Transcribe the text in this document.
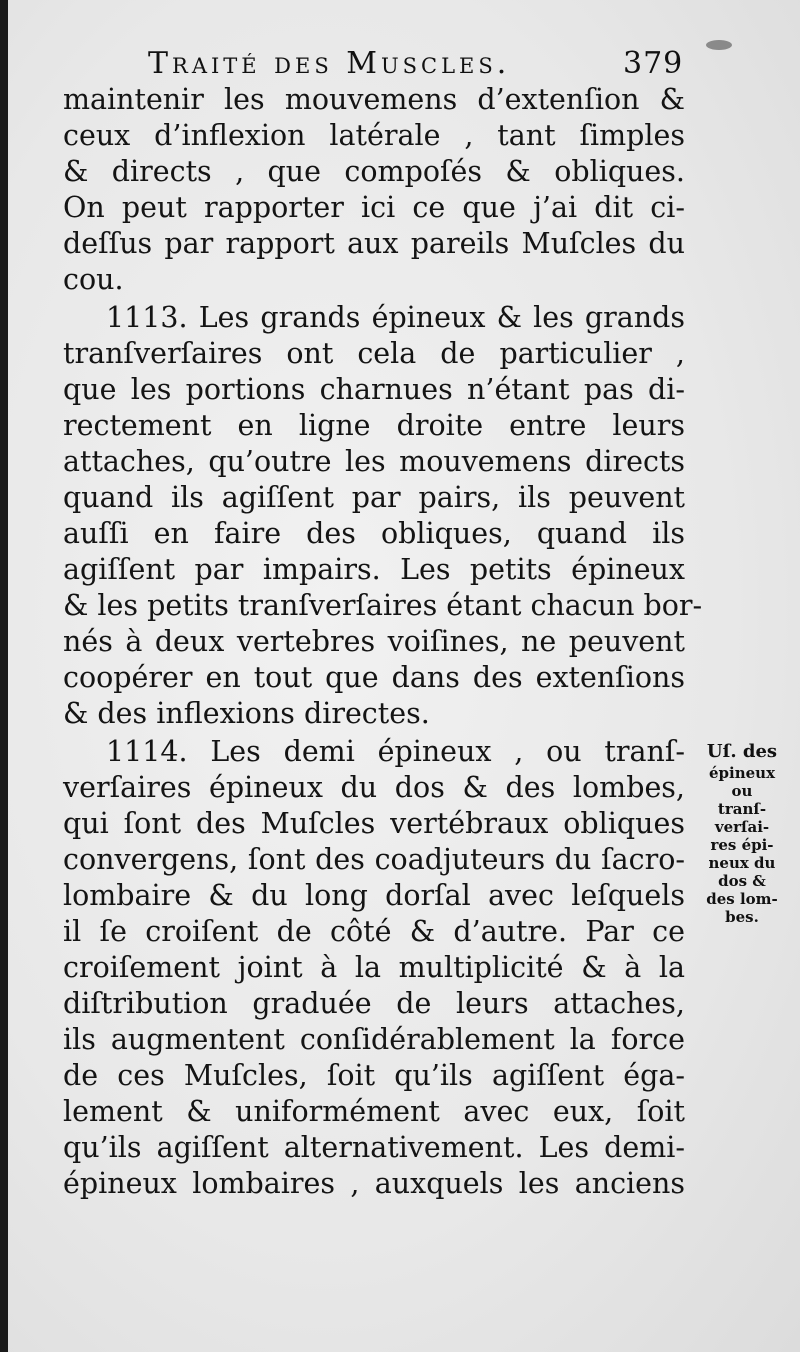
Traité des Muscles.	379
maintenir les mouvemens d’extenſion &
ceux d’inflexion latérale , tant ſimples
& directs , que compoſés & obliques.
On peut rapporter ici ce que j’ai dit ci-
deſſus par rapport aux pareils Muſcles du
cou.
1113. Les grands épineux & les grands
tranſverſaires ont cela de particulier ,
que les portions charnues n’étant pas di-
rectement en ligne droite entre leurs
attaches, qu’outre les mouvemens directs
quand ils agiſſent par pairs, ils peuvent
auſſi en faire des obliques, quand ils
agiſſent par impairs. Les petits épineux
& les petits tranſverſaires étant chacun bor-
nés à deux vertebres voiſines, ne peuvent
coopérer en tout que dans des extenſions
& des inflexions directes.
1114. Les demi épineux , ou tranſ-
verſaires épineux du dos & des lombes,
qui ſont des Muſcles vertébraux obliques
convergens, ſont des coadjuteurs du ſacro-
lombaire & du long dorſal avec leſquels
il ſe croiſent de côté & d’autre. Par ce
croiſement joint à la multiplicité & à la
diſtribution graduée de leurs attaches,
ils augmentent conſidérablement la force
de ces Muſcles, ſoit qu’ils agiſſent éga-
lement & uniformément avec eux, ſoit
qu’ils agiſſent alternativement. Les demi-
épineux lombaires , auxquels les anciens
Uſ. des
épineux
ou
tranſ-
verſai-
res épi-
neux du
dos &
des lom-
bes.
